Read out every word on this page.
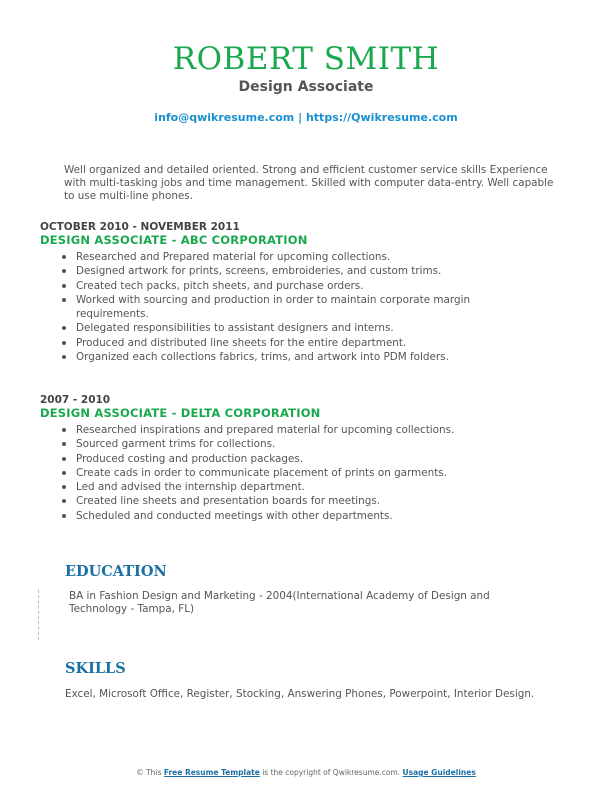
ROBERT SMITH
Design Associate
info@qwikresume.com | https://Qwikresume.com
Well organized and detailed oriented. Strong and efficient customer service skills Experience with multi-tasking jobs and time management. Skilled with computer data-entry. Well capable to use multi-line phones.
OCTOBER 2010 - NOVEMBER 2011
DESIGN ASSOCIATE - ABC CORPORATION
Researched and Prepared material for upcoming collections.
Designed artwork for prints, screens, embroideries, and custom trims.
Created tech packs, pitch sheets, and purchase orders.
Worked with sourcing and production in order to maintain corporate margin requirements.
Delegated responsibilities to assistant designers and interns.
Produced and distributed line sheets for the entire department.
Organized each collections fabrics, trims, and artwork into PDM folders.
2007 - 2010
DESIGN ASSOCIATE - DELTA CORPORATION
Researched inspirations and prepared material for upcoming collections.
Sourced garment trims for collections.
Produced costing and production packages.
Create cads in order to communicate placement of prints on garments.
Led and advised the internship department.
Created line sheets and presentation boards for meetings.
Scheduled and conducted meetings with other departments.
EDUCATION
BA in Fashion Design and Marketing - 2004(International Academy of Design and Technology - Tampa, FL)
SKILLS
Excel, Microsoft Office, Register, Stocking, Answering Phones, Powerpoint, Interior Design.
© This Free Resume Template is the copyright of Qwikresume.com. Usage Guidelines
